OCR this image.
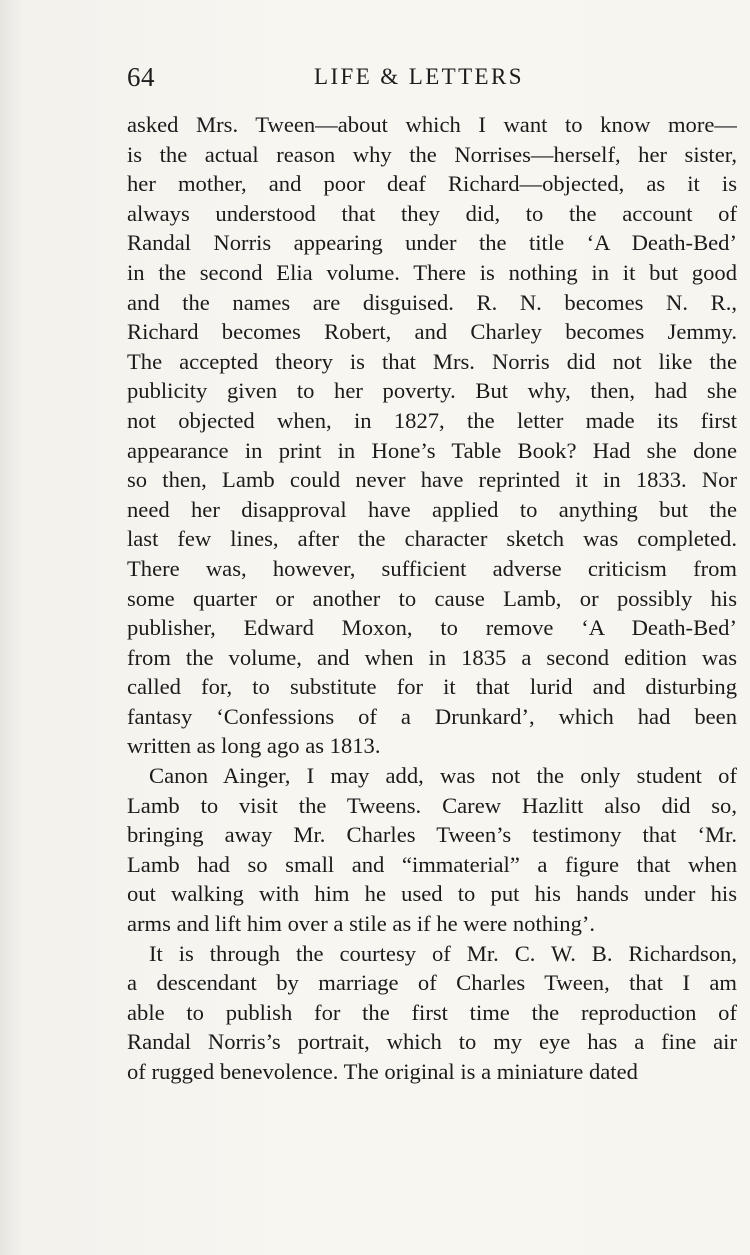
64	LIFE & LETTERS
asked Mrs. Tween—about which I want to know more—
is the actual reason why the Norrises—herself, her sister,
her mother, and poor deaf Richard—objected, as it is
always understood that they did, to the account of
Randal Norris appearing under the title ‘A Death-Bed’
in the second Elia volume. There is nothing in it but good
and the names are disguised. R. N. becomes N. R.,
Richard becomes Robert, and Charley becomes Jemmy.
The accepted theory is that Mrs. Norris did not like the
publicity given to her poverty. But why, then, had she
not objected when, in 1827, the letter made its first
appearance in print in Hone’s Table Book? Had she done
so then, Lamb could never have reprinted it in 1833. Nor
need her disapproval have applied to anything but the
last few lines, after the character sketch was completed.
There was, however, sufficient adverse criticism from
some quarter or another to cause Lamb, or possibly his
publisher, Edward Moxon, to remove ‘A Death-Bed’
from the volume, and when in 1835 a second edition was
called for, to substitute for it that lurid and disturbing
fantasy ‘Confessions of a Drunkard’, which had been
written as long ago as 1813.
Canon Ainger, I may add, was not the only student of
Lamb to visit the Tweens. Carew Hazlitt also did so,
bringing away Mr. Charles Tween’s testimony that ‘Mr.
Lamb had so small and “immaterial” a figure that when
out walking with him he used to put his hands under his
arms and lift him over a stile as if he were nothing’.
It is through the courtesy of Mr. C. W. B. Richardson,
a descendant by marriage of Charles Tween, that I am
able to publish for the first time the reproduction of
Randal Norris’s portrait, which to my eye has a fine air
of rugged benevolence. The original is a miniature dated
